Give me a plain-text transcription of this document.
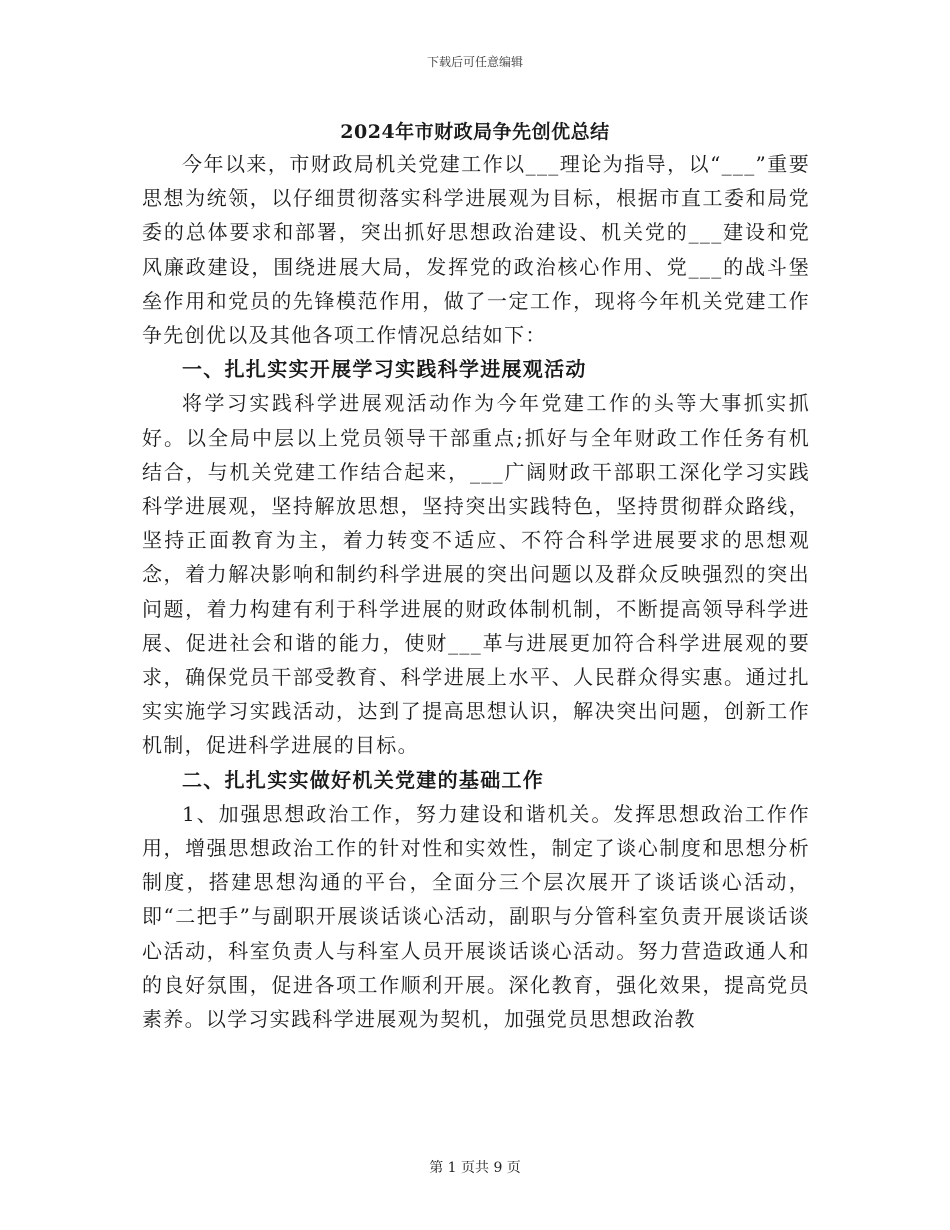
下载后可任意编辑
2024年市财政局争先创优总结

今年以来，市财政局机关党建工作以___理论为指导，以“___”重要思想为统领，以仔细贯彻落实科学进展观为目标，根据市直工委和局党委的总体要求和部署，突出抓好思想政治建设、机关党的___建设和党风廉政建设，围绕进展大局，发挥党的政治核心作用、党___的战斗堡垒作用和党员的先锋模范作用，做了一定工作，现将今年机关党建工作争先创优以及其他各项工作情况总结如下：

一、扎扎实实开展学习实践科学进展观活动

将学习实践科学进展观活动作为今年党建工作的头等大事抓实抓好。以全局中层以上党员领导干部重点;抓好与全年财政工作任务有机结合，与机关党建工作结合起来，___广阔财政干部职工深化学习实践科学进展观，坚持解放思想，坚持突出实践特色，坚持贯彻群众路线，坚持正面教育为主，着力转变不适应、不符合科学进展要求的思想观念，着力解决影响和制约科学进展的突出问题以及群众反映强烈的突出问题，着力构建有利于科学进展的财政体制机制，不断提高领导科学进展、促进社会和谐的能力，使财___革与进展更加符合科学进展观的要求，确保党员干部受教育、科学进展上水平、人民群众得实惠。通过扎实实施学习实践活动，达到了提高思想认识，解决突出问题，创新工作机制，促进科学进展的目标。

二、扎扎实实做好机关党建的基础工作

1、加强思想政治工作，努力建设和谐机关。发挥思想政治工作作用，增强思想政治工作的针对性和实效性，制定了谈心制度和思想分析制度，搭建思想沟通的平台，全面分三个层次展开了谈话谈心活动，即“二把手”与副职开展谈话谈心活动，副职与分管科室负责开展谈话谈心活动，科室负责人与科室人员开展谈话谈心活动。努力营造政通人和的良好氛围，促进各项工作顺利开展。深化教育，强化效果，提高党员素养。以学习实践科学进展观为契机，加强党员思想政治教

第 1 页共 9 页
